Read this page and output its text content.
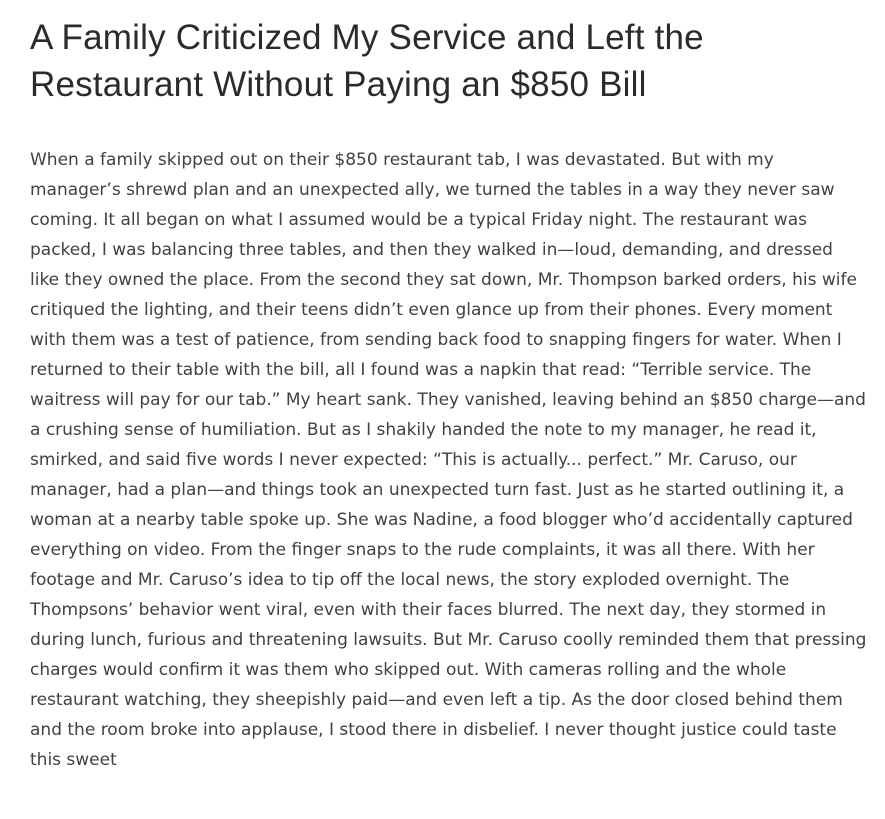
A Family Criticized My Service and Left the Restaurant Without Paying an $850 Bill

When a family skipped out on their $850 restaurant tab, I was devastated. But with my manager’s shrewd plan and an unexpected ally, we turned the tables in a way they never saw coming. It all began on what I assumed would be a typical Friday night. The restaurant was packed, I was balancing three tables, and then they walked in—loud, demanding, and dressed like they owned the place. From the second they sat down, Mr. Thompson barked orders, his wife critiqued the lighting, and their teens didn’t even glance up from their phones. Every moment with them was a test of patience, from sending back food to snapping fingers for water. When I returned to their table with the bill, all I found was a napkin that read: “Terrible service. The waitress will pay for our tab.” My heart sank. They vanished, leaving behind an $850 charge—and a crushing sense of humiliation. But as I shakily handed the note to my manager, he read it, smirked, and said five words I never expected: “This is actually... perfect.” Mr. Caruso, our manager, had a plan—and things took an unexpected turn fast. Just as he started outlining it, a woman at a nearby table spoke up. She was Nadine, a food blogger who’d accidentally captured everything on video. From the finger snaps to the rude complaints, it was all there. With her footage and Mr. Caruso’s idea to tip off the local news, the story exploded overnight. The Thompsons’ behavior went viral, even with their faces blurred. The next day, they stormed in during lunch, furious and threatening lawsuits. But Mr. Caruso coolly reminded them that pressing charges would confirm it was them who skipped out. With cameras rolling and the whole restaurant watching, they sheepishly paid—and even left a tip. As the door closed behind them and the room broke into applause, I stood there in disbelief. I never thought justice could taste this sweet
